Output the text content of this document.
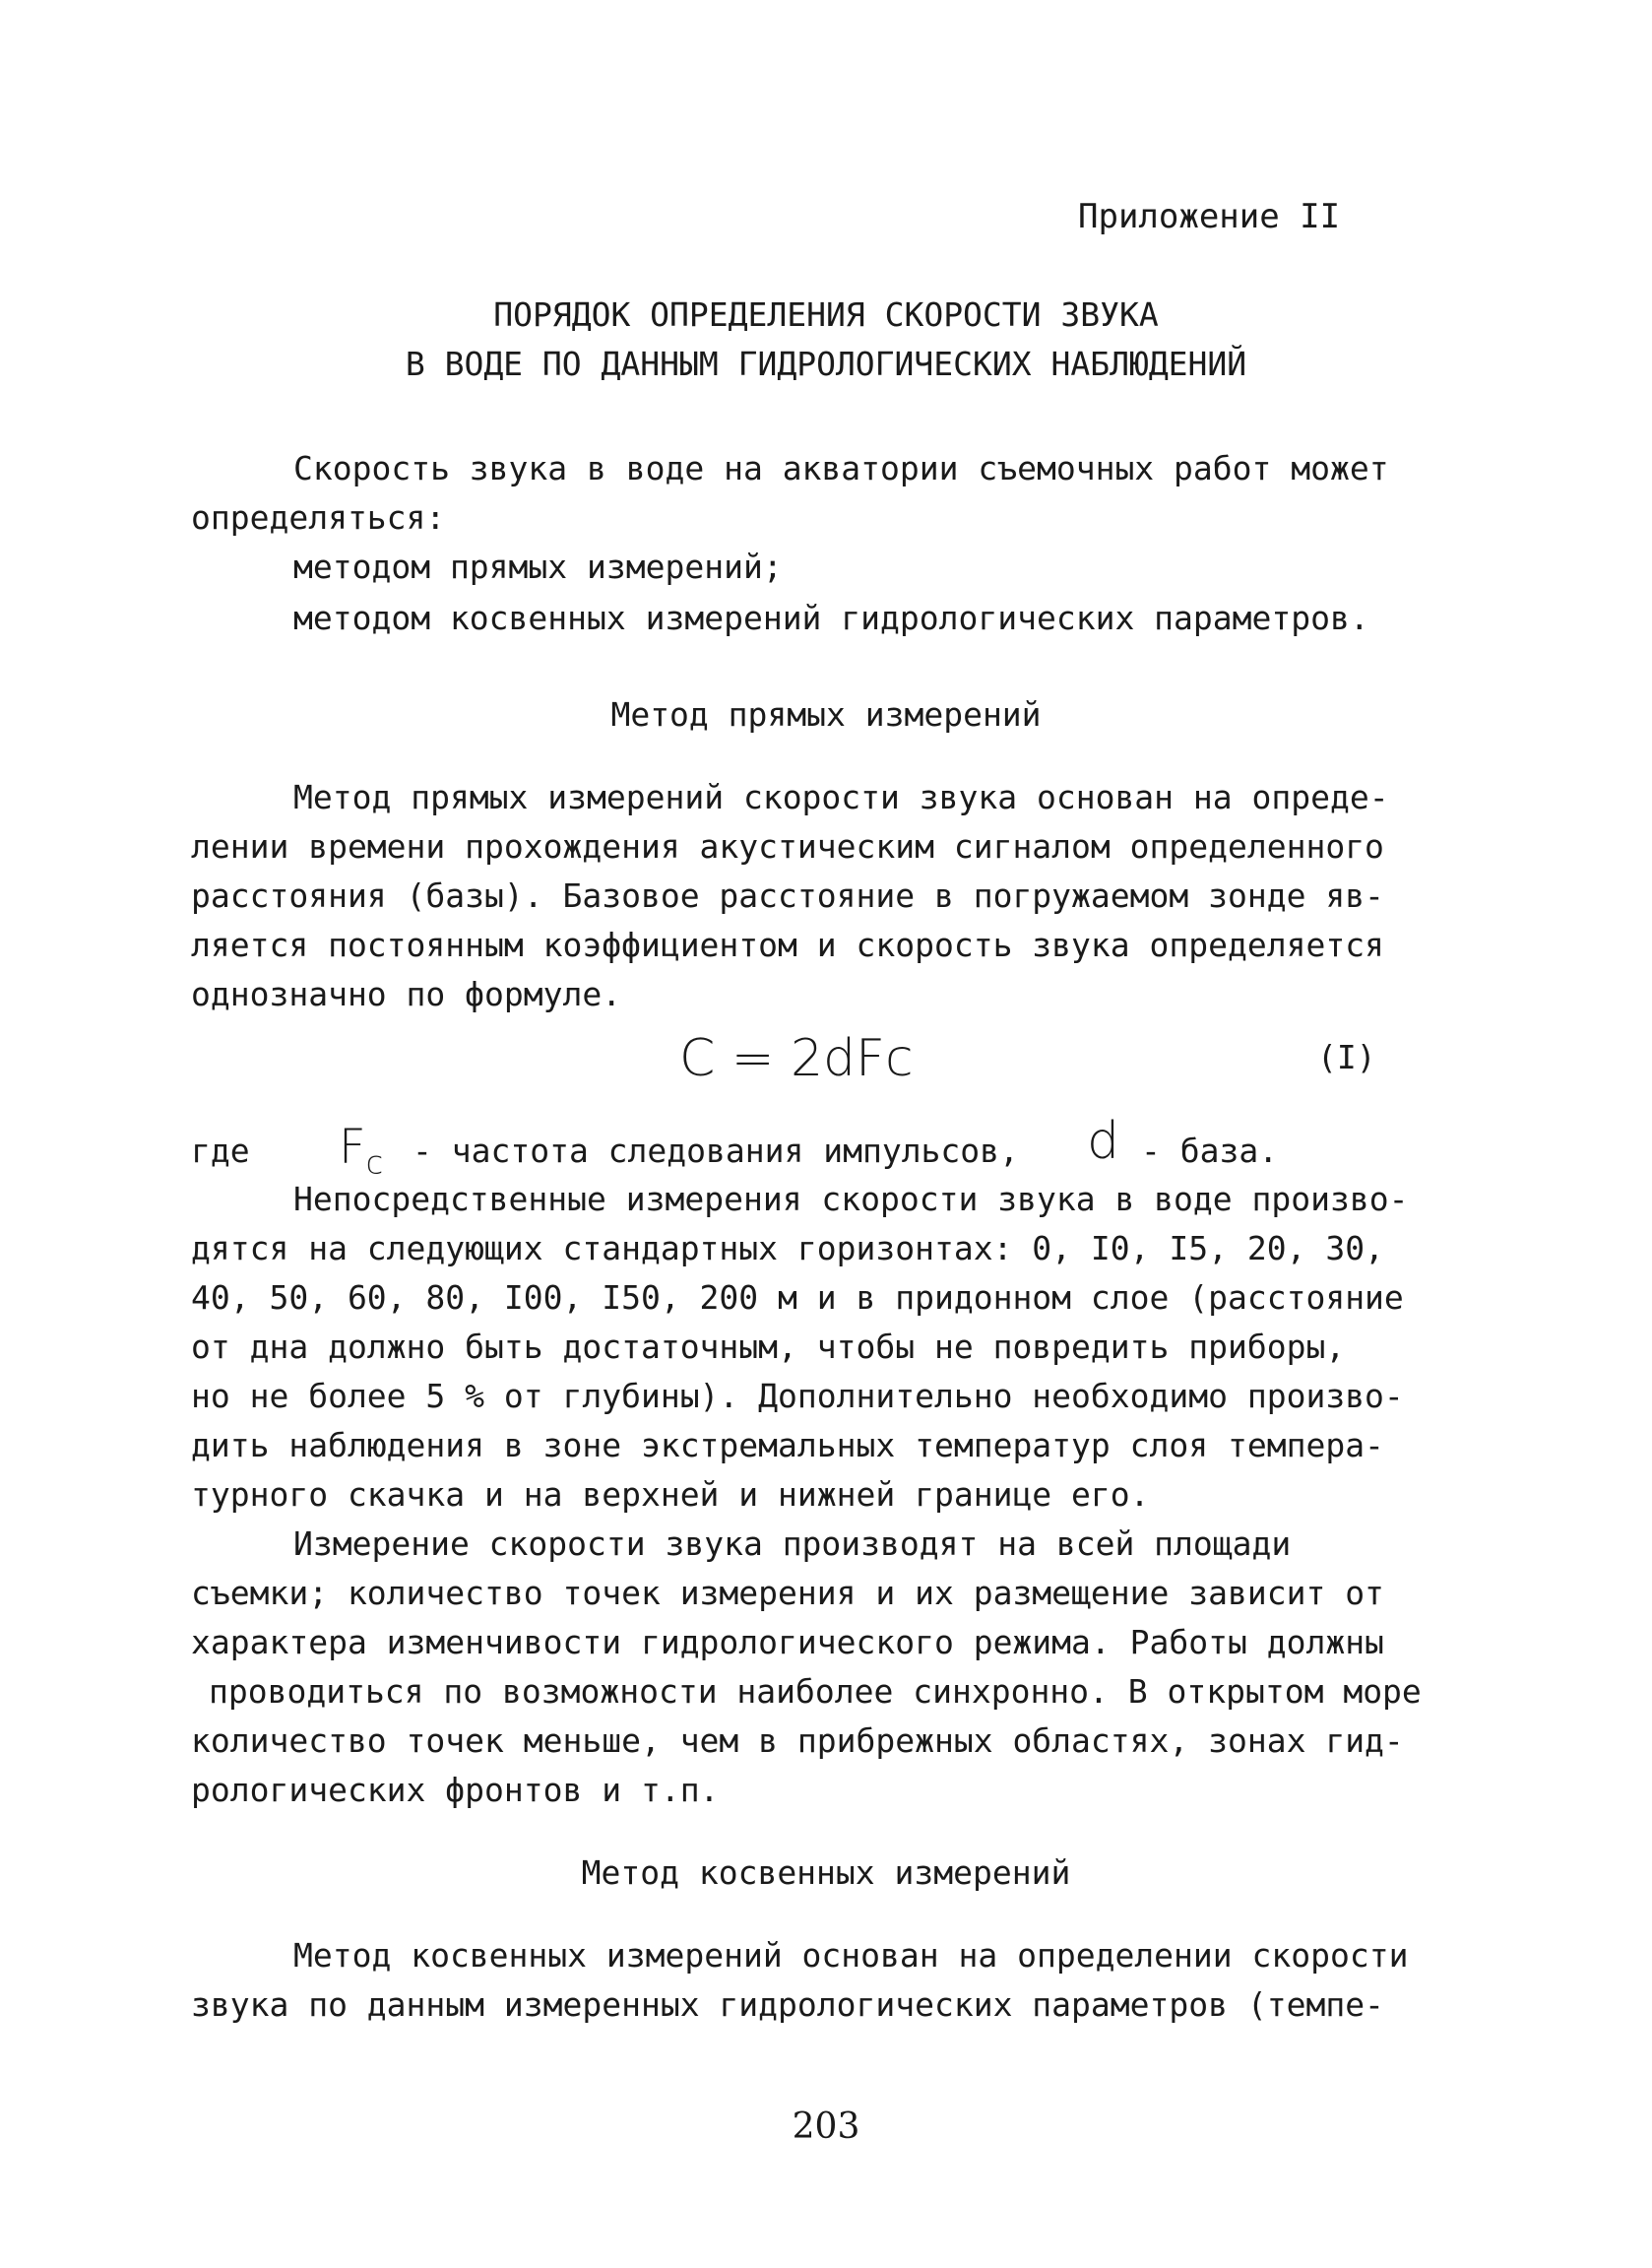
Приложение II
ПОРЯДОК ОПРЕДЕЛЕНИЯ СКОРОСТИ ЗВУКА
В ВОДЕ ПО ДАННЫМ ГИДРОЛОГИЧЕСКИХ НАБЛЮДЕНИЙ
Скорость звука в воде на акватории съемочных работ может
определяться:
методом прямых измерений;
методом косвенных измерений гидрологических параметров.
Метод прямых измерений
Метод прямых измерений скорости звука основан на опреде-
лении времени прохождения акустическим сигналом определенного
расстояния (базы). Базовое расстояние в погружаемом зонде яв-
ляется постоянным коэффициентом и скорость звука определяется
однозначно по формуле.
C = 2dFc	(I)
где $F_c$ - частота следования импульсов, d - база.
Непосредственные измерения скорости звука в воде произво-
дятся на следующих стандартных горизонтах: 0, I0, I5, 20, 30,
40, 50, 60, 80, I00, I50, 200 м и в придонном слое (расстояние
от дна должно быть достаточным, чтобы не повредить приборы,
но не более 5 % от глубины). Дополнительно необходимо произво-
дить наблюдения в зоне экстремальных температур слоя темпера-
турного скачка и на верхней и нижней границе его.
Измерение скорости звука производят на всей площади
съемки; количество точек измерения и их размещение зависит от
характера изменчивости гидрологического режима. Работы должны
проводиться по возможности наиболее синхронно. В открытом море
количество точек меньше, чем в прибрежных областях, зонах гид-
рологических фронтов и т.п.
Метод косвенных измерений
Метод косвенных измерений основан на определении скорости
звука по данным измеренных гидрологических параметров (темпе-
203
